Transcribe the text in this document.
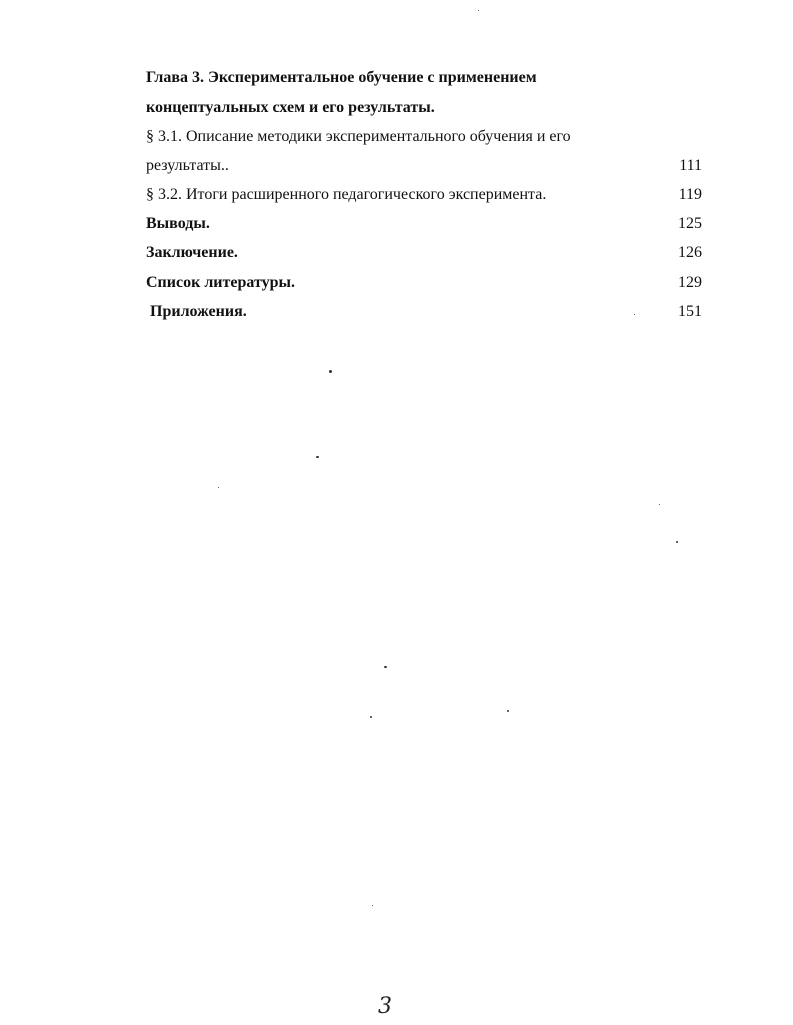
Глава 3. Экспериментальное обучение с применением
концептуальных схем и его результаты.
§ 3.1. Описание методики экспериментального обучения и его
результаты..	111
§ 3.2. Итоги расширенного педагогического эксперимента.	119
Выводы.	125
Заключение.	126
Список литературы.	129
Приложения.	151
3
